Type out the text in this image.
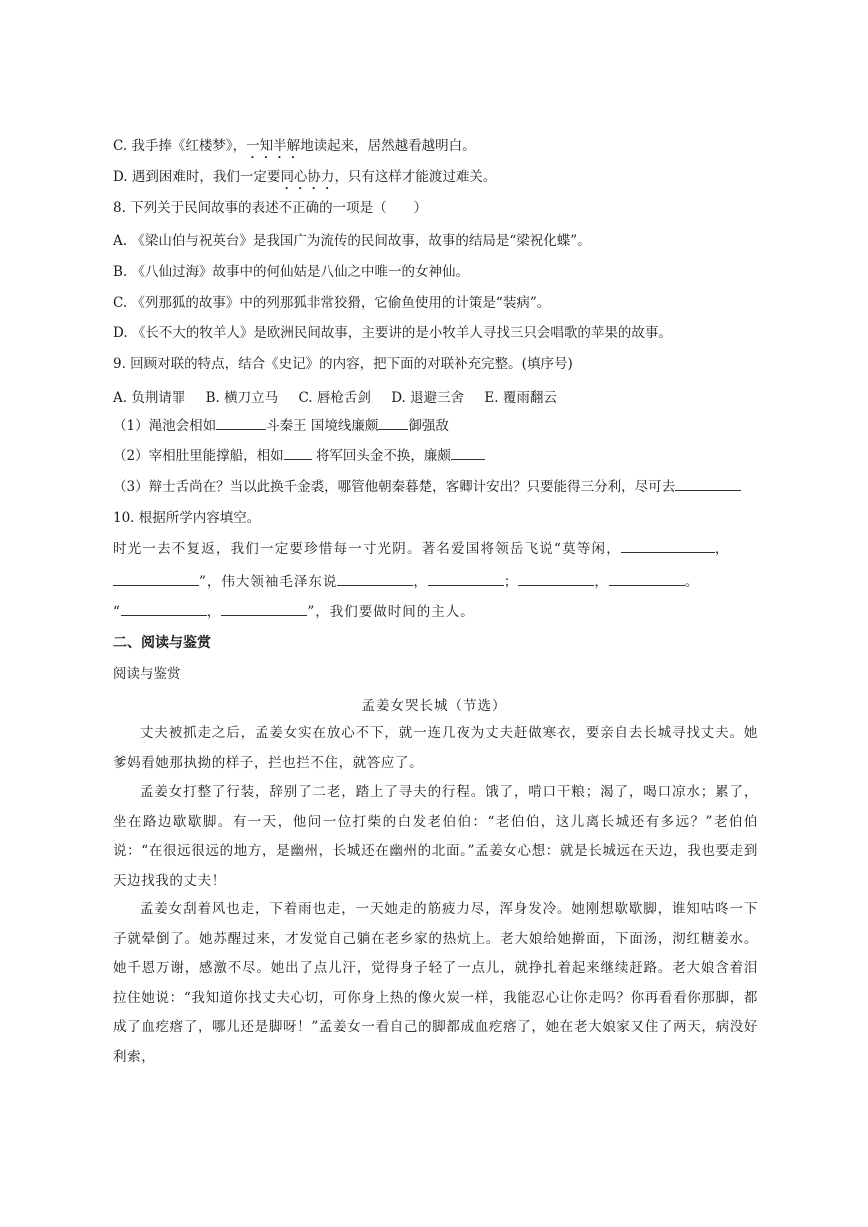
C. 我手捧《红楼梦》，一知半解地读起来，居然越看越明白。
D. 遇到困难时，我们一定要同心协力，只有这样才能渡过难关。
8. 下列关于民间故事的表述不正确的一项是（　　）
A. 《梁山伯与祝英台》是我国广为流传的民间故事，故事的结局是“梁祝化蝶”。
B. 《八仙过海》故事中的何仙姑是八仙之中唯一的女神仙。
C. 《列那狐的故事》中的列那狐非常狡猾，它偷鱼使用的计策是“装病”。
D. 《长不大的牧羊人》是欧洲民间故事，主要讲的是小牧羊人寻找三只会唱歌的苹果的故事。
9. 回顾对联的特点，结合《史记》的内容，把下面的对联补充完整。(填序号)
A. 负荆请罪 B. 横刀立马 C. 唇枪舌剑 D. 退避三舍 E. 覆雨翻云
（1）渑池会相如	斗秦王 国境线廉颇 御强敌
（2）宰相肚里能撑船，相如 将军回头金不换，廉颇
（3）辩士舌尚在？当以此换千金裘，哪管他朝秦暮楚，客卿计安出？只要能得三分利，尽可去
10. 根据所学内容填空。
时光一去不复返，我们一定要珍惜每一寸光阴。著名爱国将领岳飞说“莫等闲，	，
”，伟大领袖毛泽东说	，	；	，	。
“	，	”，我们要做时间的主人。
二、阅读与鉴赏
阅读与鉴赏
孟姜女哭长城（节选）
丈夫被抓走之后，孟姜女实在放心不下，就一连几夜为丈夫赶做寒衣，要亲自去长城寻找丈夫。她爹妈看她那执拗的样子，拦也拦不住，就答应了。
孟姜女打整了行装，辞别了二老，踏上了寻夫的行程。饿了，啃口干粮；渴了，喝口凉水；累了，坐在路边歇歇脚。有一天，他问一位打柴的白发老伯伯：“老伯伯，这儿离长城还有多远？”老伯伯说：“在很远很远的地方，是幽州，长城还在幽州的北面。”孟姜女心想：就是长城远在天边，我也要走到天边找我的丈夫！
孟姜女刮着风也走，下着雨也走，一天她走的筋疲力尽，浑身发冷。她刚想歇歇脚，谁知咕咚一下子就晕倒了。她苏醒过来，才发觉自己躺在老乡家的热炕上。老大娘给她擀面，下面汤，沏红糖姜水。她千恩万谢，感激不尽。她出了点儿汗，觉得身子轻了一点儿，就挣扎着起来继续赶路。老大娘含着泪拉住她说：“我知道你找丈夫心切，可你身上热的像火炭一样，我能忍心让你走吗？你再看看你那脚，都成了血疙瘩了，哪儿还是脚呀！”孟姜女一看自己的脚都成血疙瘩了，她在老大娘家又住了两天，病没好利索，
